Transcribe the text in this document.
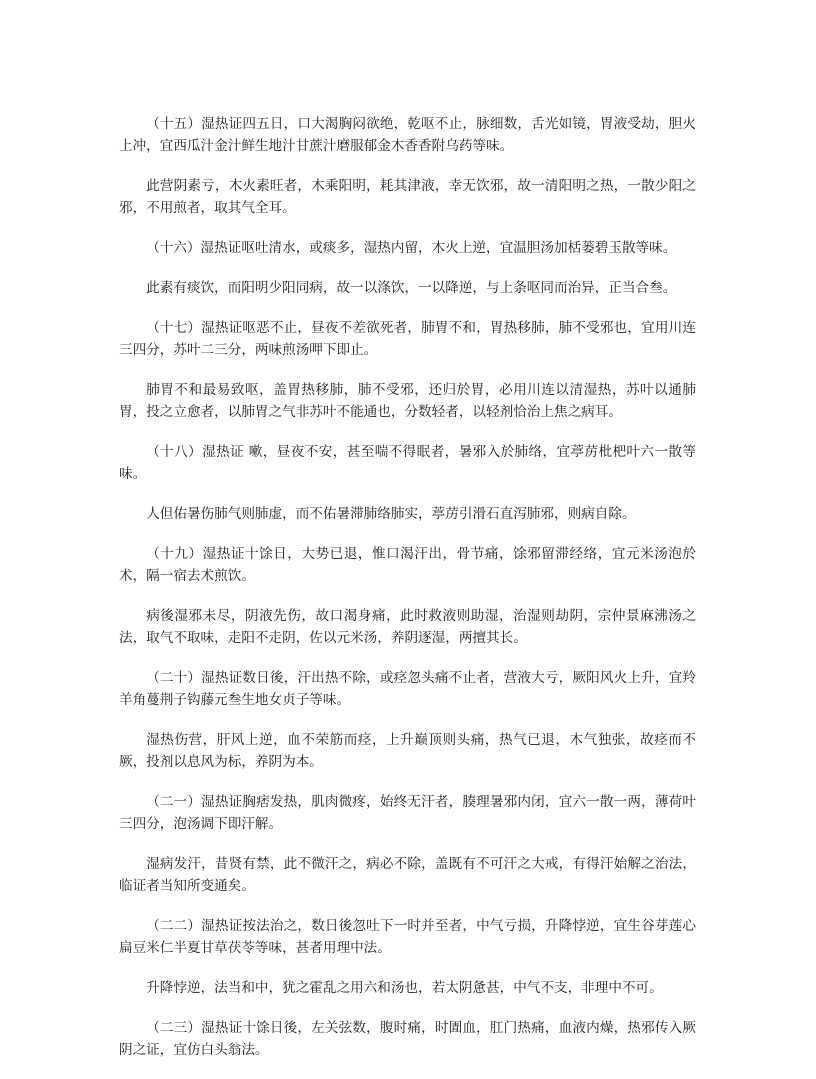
（十五）湿热证四五日，口大渴胸闷欲绝，乾呕不止，脉细数，舌光如镜，胃液受劫，胆火上冲，宜西瓜汁金汁鲜生地汁甘蔗汁磨服郁金木香香附乌药等味。

此营阴素亏，木火素旺者，木乘阳明，耗其津液，幸无饮邪，故一清阳明之热，一散少阳之邪，不用煎者，取其气全耳。

（十六）湿热证呕吐清水，或痰多，湿热内留，木火上逆，宜温胆汤加栝蒌碧玉散等味。

此素有痰饮，而阳明少阳同病，故一以涤饮，一以降逆，与上条呕同而治异，正当合叁。

（十七）湿热证呕恶不止，昼夜不差欲死者，肺胃不和，胃热移肺，肺不受邪也，宜用川连三四分，苏叶二三分，两味煎汤呷下即止。

肺胃不和最易致呕，盖胃热移肺，肺不受邪，还归於胃，必用川连以清湿热，苏叶以通肺胃，投之立愈者，以肺胃之气非苏叶不能通也，分数轻者，以轻剂恰治上焦之病耳。

（十八）湿热证 嗽，昼夜不安，甚至喘不得眠者，暑邪入於肺络，宜葶苈枇杷叶六一散等味。

人但佑暑伤肺气则肺虚，而不佑暑滞肺络肺实，葶苈引滑石直泻肺邪，则病自除。

（十九）湿热证十馀日，大势已退，惟口渴汗出，骨节痛，馀邪留滞经络，宜元米汤泡於术，隔一宿去术煎饮。

病後湿邪未尽，阴液先伤，故口渴身痛，此时救液则助湿，治湿则劫阴，宗仲景麻沸汤之法，取气不取味，走阳不走阴，佐以元米汤，养阴逐湿，两擅其长。

（二十）湿热证数日後，汗出热不除，或痉忽头痛不止者，营液大亏，厥阳风火上升，宜羚羊角蔓荆子钩藤元叁生地女贞子等味。

湿热伤营，肝风上逆，血不荣筋而痉，上升巅顶则头痛，热气已退，木气独张，故痉而不厥，投剂以息风为标，养阴为本。

（二一）湿热证胸痞发热，肌肉微疼，始终无汗者，腠理暑邪内闭，宜六一散一两，薄荷叶三四分，泡汤调下即汗解。

湿病发汗，昔贤有禁，此不微汗之，病必不除，盖既有不可汗之大戒，有得汗始解之治法，临证者当知所变通矣。

（二二）湿热证按法治之，数日後忽吐下一时并至者，中气亏损，升降悖逆，宜生谷芽莲心扁豆米仁半夏甘草茯苓等味，甚者用理中法。

升降悖逆，法当和中，犹之霍乱之用六和汤也，若太阴惫甚，中气不支，非理中不可。

（二三）湿热证十馀日後，左关弦数，腹时痛，时圊血，肛门热痛，血液内燥，热邪传入厥阴之证，宜仿白头翁法。
